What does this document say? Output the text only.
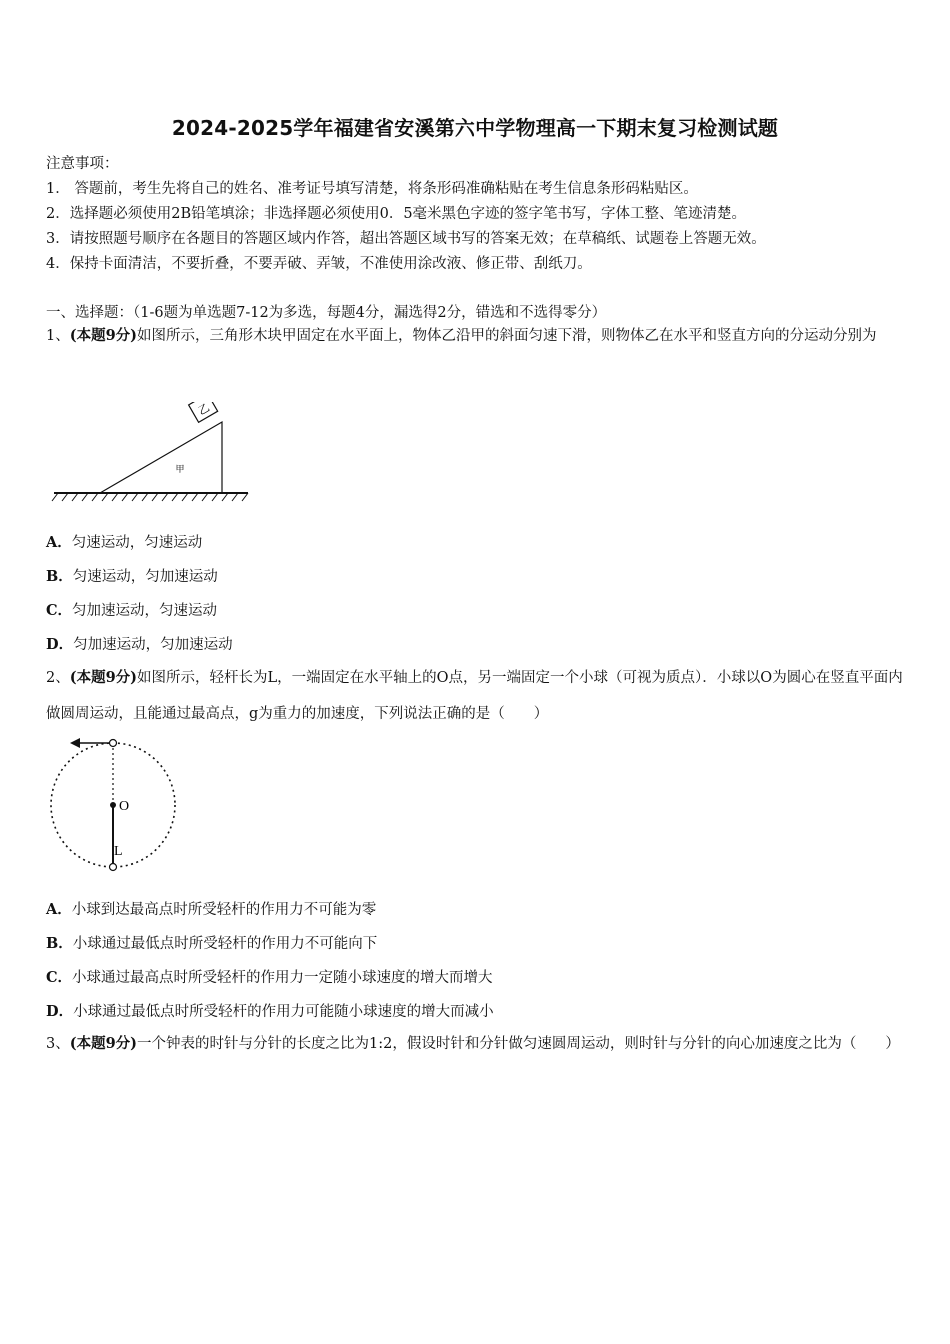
2024-2025学年福建省安溪第六中学物理高一下期末复习检测试题
注意事项：
1． 答题前，考生先将自己的姓名、准考证号填写清楚，将条形码准确粘贴在考生信息条形码粘贴区。
2．选择题必须使用2B铅笔填涂；非选择题必须使用0．5毫米黑色字迹的签字笔书写，字体工整、笔迹清楚。
3．请按照题号顺序在各题目的答题区域内作答，超出答题区域书写的答案无效；在草稿纸、试题卷上答题无效。
4．保持卡面清洁，不要折叠，不要弄破、弄皱，不准使用涂改液、修正带、刮纸刀。
一、选择题：（1-6题为单选题7-12为多选，每题4分，漏选得2分，错选和不选得零分）
1、(本题9分)如图所示，三角形木块甲固定在水平面上，物体乙沿甲的斜面匀速下滑，则物体乙在水平和竖直方向的分运动分别为
乙
甲
A．匀速运动，匀速运动
B．匀速运动，匀加速运动
C．匀加速运动，匀速运动
D．匀加速运动，匀加速运动
2、(本题9分)如图所示，轻杆长为L，一端固定在水平轴上的O点，另一端固定一个小球（可视为质点）．小球以O为圆心在竖直平面内做圆周运动，且能通过最高点，g为重力的加速度，下列说法正确的是（　　）
O
L
A．小球到达最高点时所受轻杆的作用力不可能为零
B．小球通过最低点时所受轻杆的作用力不可能向下
C．小球通过最高点时所受轻杆的作用力一定随小球速度的增大而增大
D．小球通过最低点时所受轻杆的作用力可能随小球速度的增大而减小
3、(本题9分)一个钟表的时针与分针的长度之比为1:2，假设时针和分针做匀速圆周运动，则时针与分针的向心加速度之比为（　　）
